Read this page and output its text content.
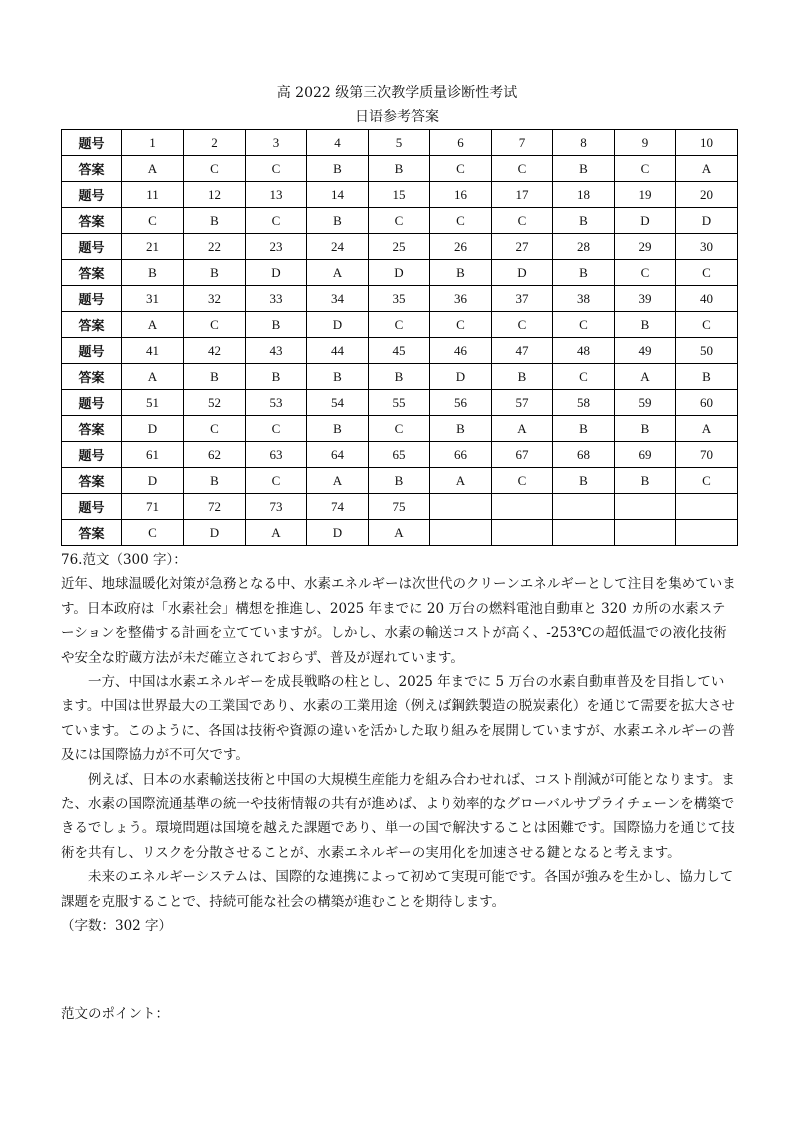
高 2022 级第三次教学质量诊断性考试
日语参考答案
题号	1	2	3	4	5	6	7	8	9	10
答案	A	C	C	B	B	C	C	B	C	A
题号	11	12	13	14	15	16	17	18	19	20
答案	C	B	C	B	C	C	C	B	D	D
题号	21	22	23	24	25	26	27	28	29	30
答案	B	B	D	A	D	B	D	B	C	C
题号	31	32	33	34	35	36	37	38	39	40
答案	A	C	B	D	C	C	C	C	B	C
题号	41	42	43	44	45	46	47	48	49	50
答案	A	B	B	B	B	D	B	C	A	B
题号	51	52	53	54	55	56	57	58	59	60
答案	D	C	C	B	C	B	A	B	B	A
题号	61	62	63	64	65	66	67	68	69	70
答案	D	B	C	A	B	A	C	B	B	C
题号	71	72	73	74	75					
答案	C	D	A	D	A					

76.范文（300 字）：

近年、地球温暖化対策が急務となる中、水素エネルギーは次世代のクリーンエネルギーとして注目を集めています。日本政府は「水素社会」構想を推進し、2025 年までに 20 万台の燃料電池自動車と 320 カ所の水素ステーションを整備する計画を立てていますが。しかし、水素の輸送コストが高く、-253℃の超低温での液化技術や安全な貯蔵方法が未だ確立されておらず、普及が遅れています。

一方、中国は水素エネルギーを成長戦略の柱とし、2025 年までに 5 万台の水素自動車普及を目指しています。中国は世界最大の工業国であり、水素の工業用途（例えば鋼鉄製造の脱炭素化）を通じて需要を拡大させています。このように、各国は技術や資源の違いを活かした取り組みを展開していますが、水素エネルギーの普及には国際協力が不可欠です。

例えば、日本の水素輸送技術と中国の大規模生産能力を組み合わせれば、コスト削減が可能となります。また、水素の国際流通基準の統一や技術情報の共有が進めば、より効率的なグローバルサプライチェーンを構築できるでしょう。環境問題は国境を越えた課題であり、単一の国で解決することは困難です。国際協力を通じて技術を共有し、リスクを分散させることが、水素エネルギーの実用化を加速させる鍵となると考えます。

未来のエネルギーシステムは、国際的な連携によって初めて実現可能です。各国が強みを生かし、協力して課題を克服することで、持続可能な社会の構築が進むことを期待します。

（字数：302 字）

范文のポイント：
